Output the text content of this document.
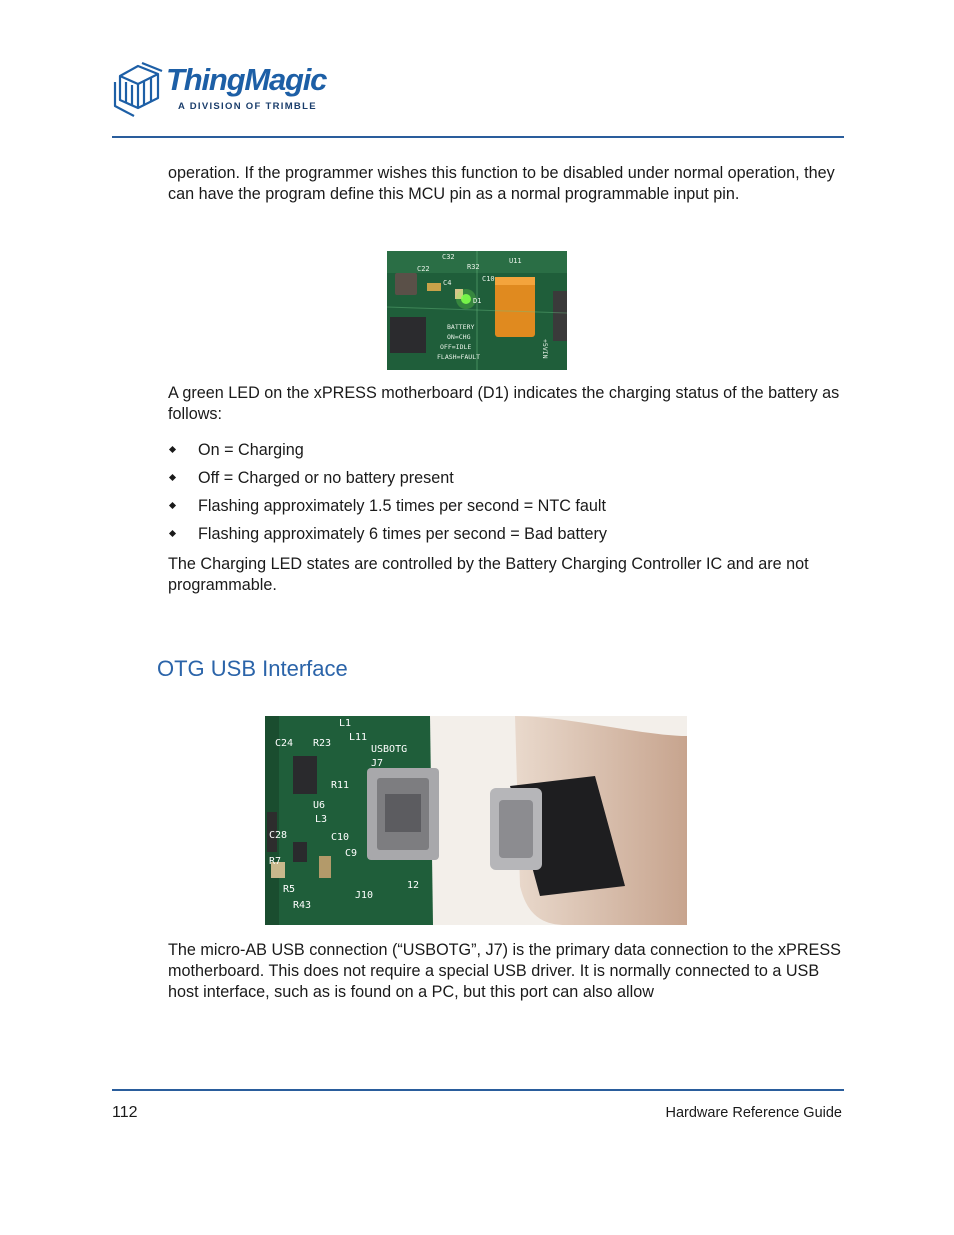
ThingMagic
A DIVISION OF TRIMBLE

operation. If the programmer wishes this function to be disabled under normal operation, they can have the program define this MCU pin as a normal programmable input pin.

C22
C32
R32
U11
C4
D1
C10
BATTERY
ON=CHG
OFF=IDLE
FLASH=FAULT	+5VIN

A green LED on the xPRESS motherboard (D1) indicates the charging status of the battery as follows:

On = Charging
Off = Charged or no battery present
Flashing approximately 1.5 times per second = NTC fault
Flashing approximately 6 times per second = Bad battery

The Charging LED states are controlled by the Battery Charging Controller IC and are not programmable.

OTG USB Interface
C24 R23
L1
L11
USBOTG
J7
R11
U6
L3
C28	C10
C9
R7
R5
R43
J10
12

The micro-AB USB connection (“USBOTG”, J7) is the primary data connection to the xPRESS motherboard. This does not require a special USB driver. It is normally connected to a USB host interface, such as is found on a PC, but this port can also allow

112	Hardware Reference Guide
